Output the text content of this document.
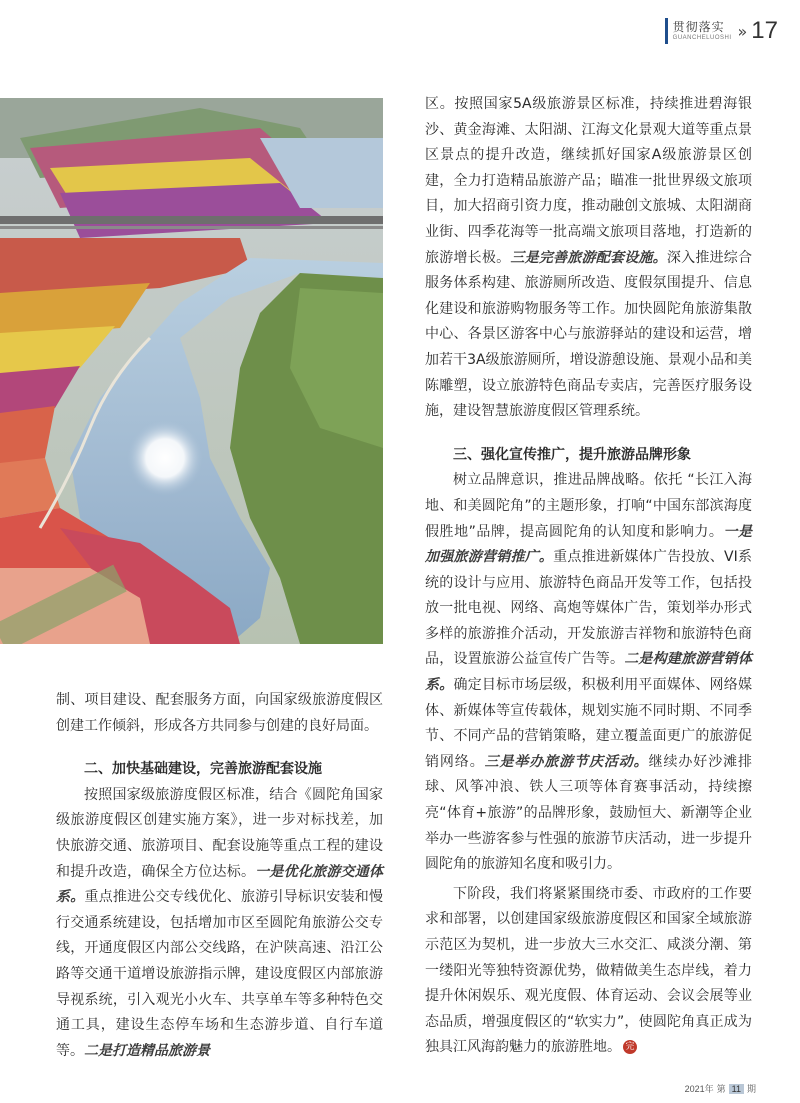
贯彻落实
GUANCHELUOSHI » 17

制、项目建设、配套服务方面，向国家级旅游度假区创建工作倾斜，形成各方共同参与创建的良好局面。

二、加快基础建设，完善旅游配套设施

按照国家级旅游度假区标准，结合《圆陀角国家级旅游度假区创建实施方案》，进一步对标找差，加快旅游交通、旅游项目、配套设施等重点工程的建设和提升改造，确保全方位达标。一是优化旅游交通体系。重点推进公交专线优化、旅游引导标识安装和慢行交通系统建设，包括增加市区至圆陀角旅游公交专线，开通度假区内部公交线路，在沪陕高速、沿江公路等交通干道增设旅游指示牌，建设度假区内部旅游导视系统，引入观光小火车、共享单车等多种特色交通工具，建设生态停车场和生态游步道、自行车道等。二是打造精品旅游景

区。按照国家5A级旅游景区标准，持续推进碧海银沙、黄金海滩、太阳湖、江海文化景观大道等重点景区景点的提升改造，继续抓好国家A级旅游景区创建，全力打造精品旅游产品；瞄准一批世界级文旅项目，加大招商引资力度，推动融创文旅城、太阳湖商业街、四季花海等一批高端文旅项目落地，打造新的旅游增长极。三是完善旅游配套设施。深入推进综合服务体系构建、旅游厕所改造、度假氛围提升、信息化建设和旅游购物服务等工作。加快圆陀角旅游集散中心、各景区游客中心与旅游驿站的建设和运营，增加若干3A级旅游厕所，增设游憩设施、景观小品和美陈雕塑，设立旅游特色商品专卖店，完善医疗服务设施，建设智慧旅游度假区管理系统。

三、强化宣传推广，提升旅游品牌形象

树立品牌意识，推进品牌战略。依托 “长江入海地、和美圆陀角”的主题形象，打响“中国东部滨海度假胜地”品牌，提高圆陀角的认知度和影响力。一是加强旅游营销推广。重点推进新媒体广告投放、VI系统的设计与应用、旅游特色商品开发等工作，包括投放一批电视、网络、高炮等媒体广告，策划举办形式多样的旅游推介活动，开发旅游吉祥物和旅游特色商品，设置旅游公益宣传广告等。二是构建旅游营销体系。确定目标市场层级，积极利用平面媒体、网络媒体、新媒体等宣传载体，规划实施不同时期、不同季节、不同产品的营销策略，建立覆盖面更广的旅游促销网络。三是举办旅游节庆活动。继续办好沙滩排球、风筝冲浪、铁人三项等体育赛事活动，持续擦亮“体育+旅游”的品牌形象，鼓励恒大、新潮等企业举办一些游客参与性强的旅游节庆活动，进一步提升圆陀角的旅游知名度和吸引力。

下阶段，我们将紧紧围绕市委、市政府的工作要求和部署，以创建国家级旅游度假区和国家全域旅游示范区为契机，进一步放大三水交汇、咸淡分潮、第一缕阳光等独特资源优势，做精做美生态岸线，着力提升休闲娱乐、观光度假、体育运动、会议会展等业态品质，增强度假区的“软实力”，使圆陀角真正成为独具江风海韵魅力的旅游胜地。 完

2021年 第 11 期
